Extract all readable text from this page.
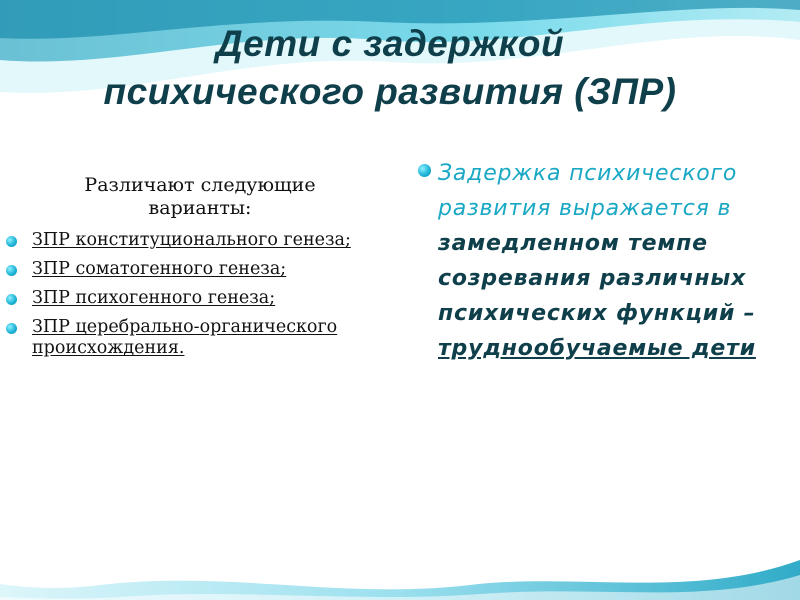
Дети с задержкой
психического развития (ЗПР)
Различают следующие варианты:
ЗПР конституционального генеза;
ЗПР соматогенного генеза;
ЗПР психогенного генеза;
ЗПР церебрально-органического происхождения.
Задержка психического развития выражается в замедленном темпе созревания различных психических функций – труднообучаемые дети
